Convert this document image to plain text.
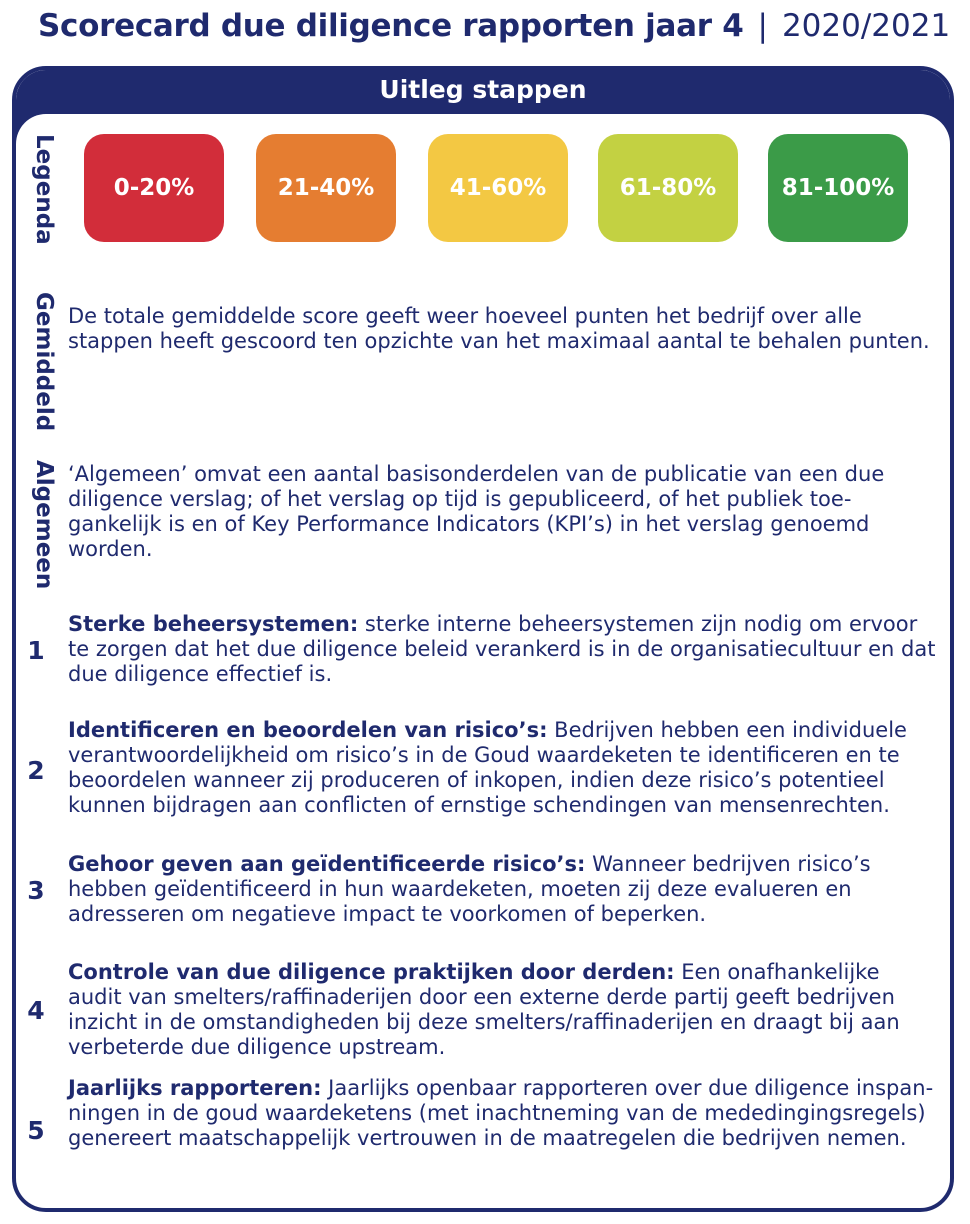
Scorecard due diligence rapporten jaar 4 | 2020/2021
Uitleg stappen
Legenda
Gemiddeld
Algemeen
0-20%	21-40%	41-60%	61-80%	81-100%
De totale gemiddelde score geeft weer hoeveel punten het bedrijf over alle stappen heeft gescoord ten opzichte van het maximaal aantal te behalen punten.
‘Algemeen’ omvat een aantal basisonderdelen van de publicatie van een due diligence verslag; of het verslag op tijd is gepubliceerd, of het publiek toegankelijk is en of Key Performance Indicators (KPI’s) in het verslag genoemd worden.
1
Sterke beheersystemen: sterke interne beheersystemen zijn nodig om ervoor te zorgen dat het due diligence beleid verankerd is in de organisatiecultuur en dat due diligence effectief is.
2
Identificeren en beoordelen van risico’s: Bedrijven hebben een individuele verantwoordelijkheid om risico’s in de Goud waardeketen te identificeren en te beoordelen wanneer zij produceren of inkopen, indien deze risico’s potentieel kunnen bijdragen aan conflicten of ernstige schendingen van mensenrechten.
3
Gehoor geven aan geïdentificeerde risico’s: Wanneer bedrijven risico’s hebben geïdentificeerd in hun waardeketen, moeten zij deze evalueren en adresseren om negatieve impact te voorkomen of beperken.
4
Controle van due diligence praktijken door derden: Een onafhankelijke audit van smelters/raffinaderijen door een externe derde partij geeft bedrijven inzicht in de omstandigheden bij deze smelters/raffinaderijen en draagt bij aan verbeterde due diligence upstream.
5
Jaarlijks rapporteren: Jaarlijks openbaar rapporteren over due diligence inspanningen in de goud waardeketens (met inachtneming van de mededingingsregels) genereert maatschappelijk vertrouwen in de maatregelen die bedrijven nemen.
